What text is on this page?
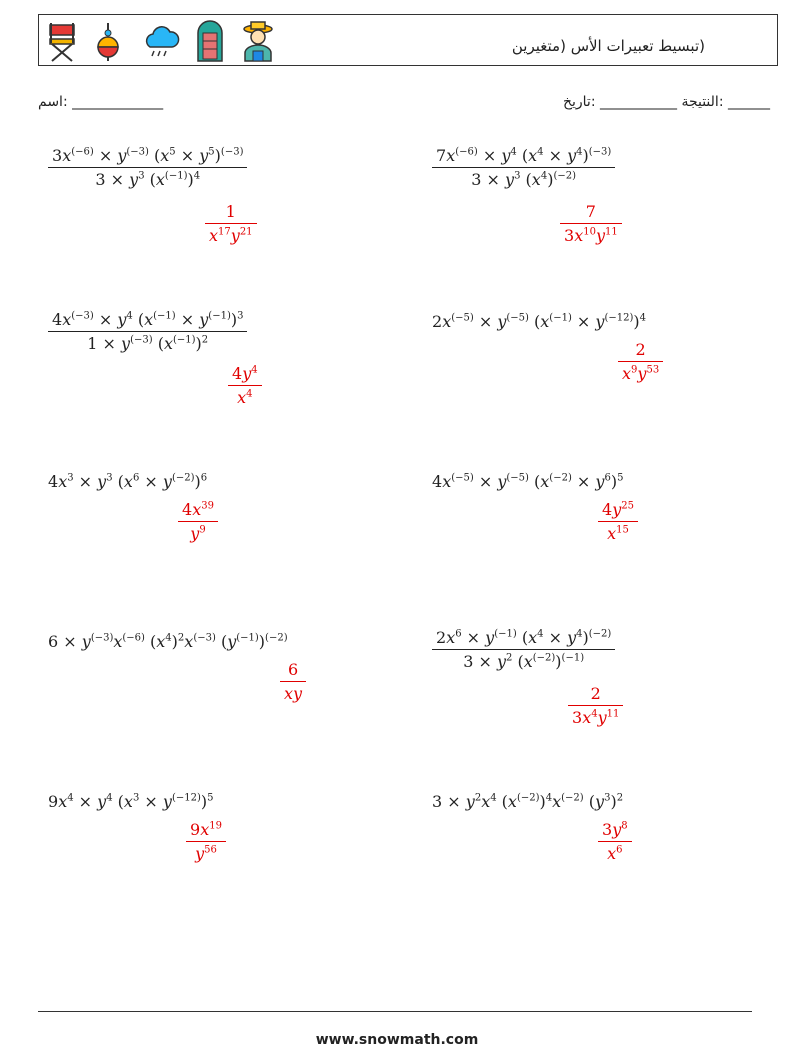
(تبسيط تعبيرات الأس (متغيرين
اسم: _____________	النتيجة ___________ :تاريخ: ______
$\frac{3x^{(-6)} \times y^{(-3)} (x^5 \times y^5)^{(-3)}}{3 \times y^3 (x^{(-1)})^4}$
$\frac{1}{x^{17}y^{21}}$
$\frac{7x^{(-6)} \times y^4 (x^4 \times y^4)^{(-3)}}{3 \times y^3 (x^4)^{(-2)}}$
$\frac{7}{3x^{10}y^{11}}$
$\frac{4x^{(-3)} \times y^4 (x^{(-1)} \times y^{(-1)})^3}{1 \times y^{(-3)} (x^{(-1)})^2}$
$\frac{4y^4}{x^4}$
$2x^{(-5)} \times y^{(-5)}$ $(x^{(-1)} \times y^{(-12)})^4$
$\frac{2}{x^9y^{53}}$
$4x^3 \times y^3$ $(x^6 \times y^{(-2)})^6$
$\frac{4x^{39}}{y^9}$
$4x^{(-5)} \times y^{(-5)}$ $(x^{(-2)} \times y^6)^5$
$\frac{4y^{25}}{x^{15}}$
$6 \times y^{(-3)}x^{(-6)}$ $(x^4)^2x^{(-3)}$ $(y^{(-1)})^{(-2)}$
$\frac{6}{xy}$
$\frac{2x^6 \times y^{(-1)} (x^4 \times y^4)^{(-2)}}{3 \times y^2 (x^{(-2)})^{(-1)}}$
$\frac{2}{3x^4y^{11}}$
$9x^4 \times y^4$ $(x^3 \times y^{(-12)})^5$
$\frac{9x^{19}}{y^{56}}$
$3 \times y^2x^4$ $(x^{(-2)})^4x^{(-2)}$ $(y^3)^2$
$\frac{3y^8}{x^6}$
www.snowmath.com
